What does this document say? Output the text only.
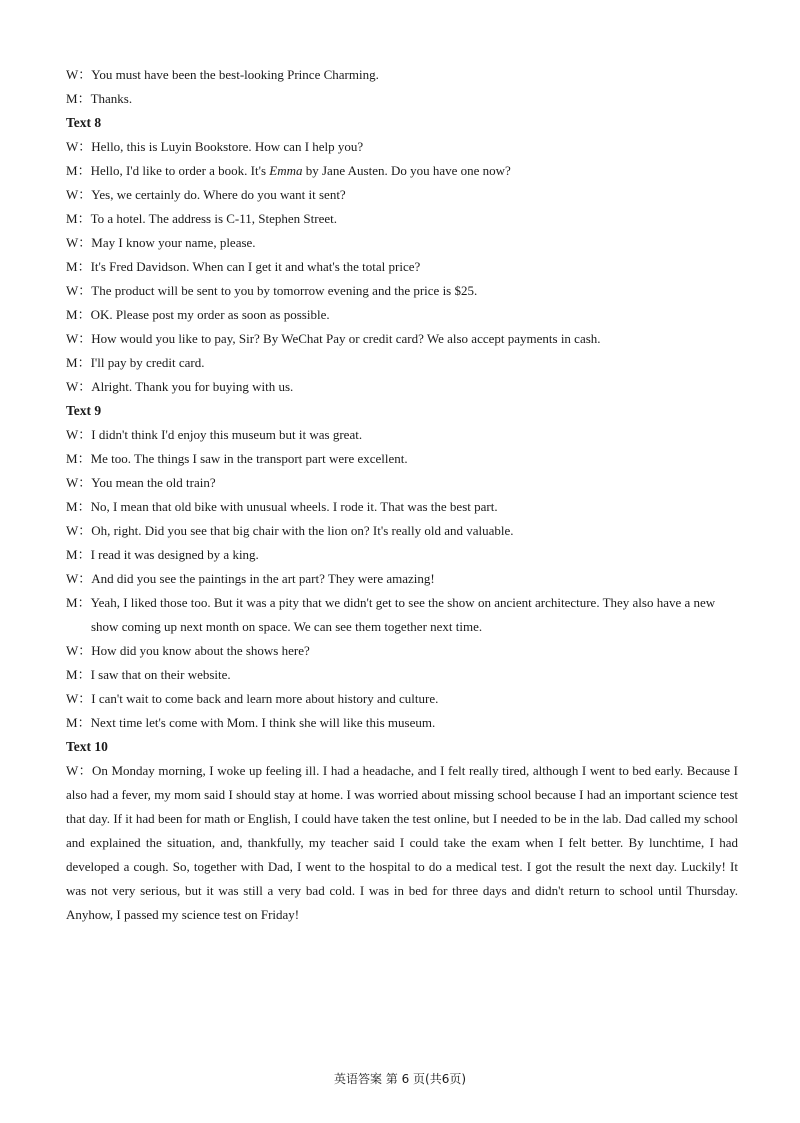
W：You must have been the best-looking Prince Charming.
M：Thanks.
Text 8
W：Hello, this is Luyin Bookstore. How can I help you?
M：Hello, I'd like to order a book. It's Emma by Jane Austen. Do you have one now?
W：Yes, we certainly do. Where do you want it sent?
M：To a hotel. The address is C-11, Stephen Street.
W：May I know your name, please.
M：It's Fred Davidson. When can I get it and what's the total price?
W：The product will be sent to you by tomorrow evening and the price is $25.
M：OK. Please post my order as soon as possible.
W：How would you like to pay, Sir? By WeChat Pay or credit card? We also accept payments in cash.
M：I'll pay by credit card.
W：Alright. Thank you for buying with us.
Text 9
W：I didn't think I'd enjoy this museum but it was great.
M：Me too. The things I saw in the transport part were excellent.
W：You mean the old train?
M：No, I mean that old bike with unusual wheels. I rode it. That was the best part.
W：Oh, right. Did you see that big chair with the lion on? It's really old and valuable.
M：I read it was designed by a king.
W：And did you see the paintings in the art part? They were amazing!
M：Yeah, I liked those too. But it was a pity that we didn't get to see the show on ancient architecture. They also have a new show coming up next month on space. We can see them together next time.
W：How did you know about the shows here?
M：I saw that on their website.
W：I can't wait to come back and learn more about history and culture.
M：Next time let's come with Mom. I think she will like this museum.
Text 10
W：On Monday morning, I woke up feeling ill. I had a headache, and I felt really tired, although I went to bed early. Because I also had a fever, my mom said I should stay at home. I was worried about missing school because I had an important science test that day. If it had been for math or English, I could have taken the test online, but I needed to be in the lab. Dad called my school and explained the situation, and, thankfully, my teacher said I could take the exam when I felt better. By lunchtime, I had developed a cough. So, together with Dad, I went to the hospital to do a medical test. I got the result the next day. Luckily! It was not very serious, but it was still a very bad cold. I was in bed for three days and didn't return to school until Thursday. Anyhow, I passed my science test on Friday!
英语答案 第 6 页(共6页)
